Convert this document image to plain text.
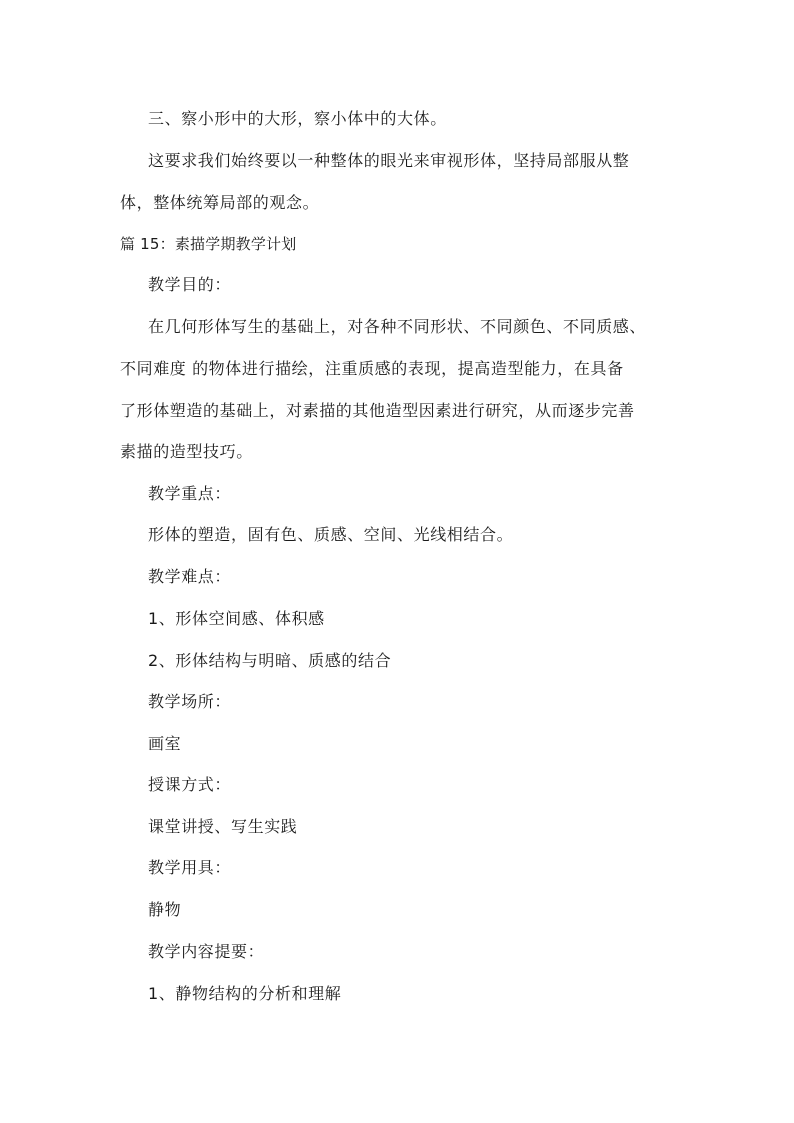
三、察小形中的大形，察小体中的大体。
这要求我们始终要以一种整体的眼光来审视形体，坚持局部服从整
体，整体统筹局部的观念。
篇 15：素描学期教学计划
教学目的：
在几何形体写生的基础上，对各种不同形状、不同颜色、不同质感、
不同难度 的物体进行描绘，注重质感的表现，提高造型能力，在具备
了形体塑造的基础上，对素描的其他造型因素进行研究，从而逐步完善
素描的造型技巧。
教学重点：
形体的塑造，固有色、质感、空间、光线相结合。
教学难点：
1、形体空间感、体积感
2、形体结构与明暗、质感的结合
教学场所：
画室
授课方式：
课堂讲授、写生实践
教学用具：
静物
教学内容提要：
1、静物结构的分析和理解
